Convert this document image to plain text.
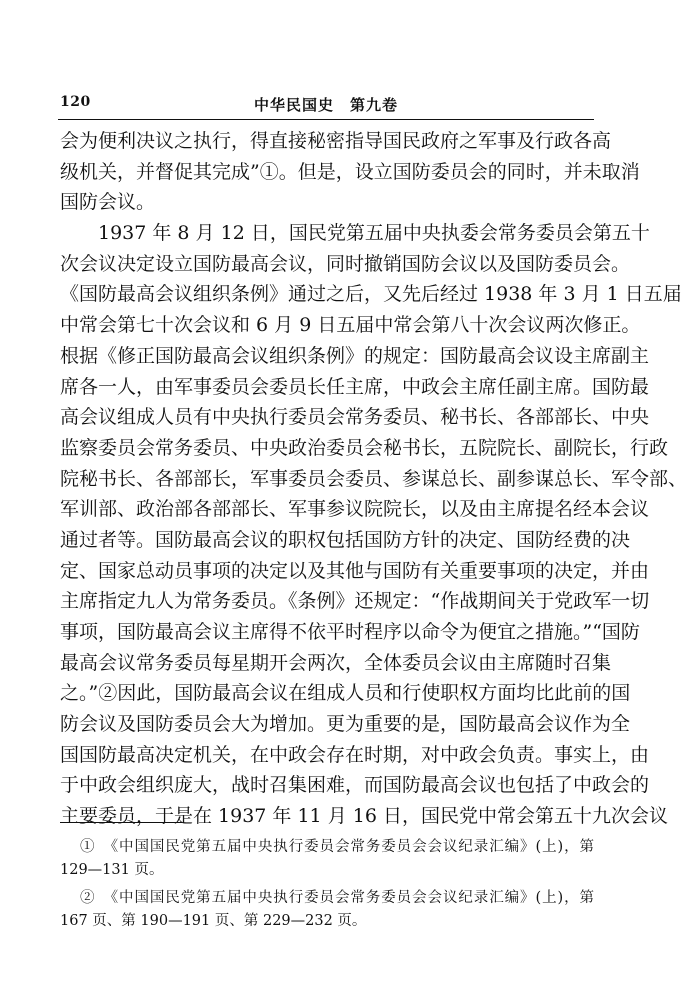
120	中华民国史　第九卷
会为便利决议之执行，得直接秘密指导国民政府之军事及行政各高
级机关，并督促其完成”①。但是，设立国防委员会的同时，并未取消
国防会议。
1937 年 8 月 12 日，国民党第五届中央执委会常务委员会第五十
次会议决定设立国防最高会议，同时撤销国防会议以及国防委员会。
《国防最高会议组织条例》通过之后，又先后经过 1938 年 3 月 1 日五届
中常会第七十次会议和 6 月 9 日五届中常会第八十次会议两次修正。
根据《修正国防最高会议组织条例》的规定：国防最高会议设主席副主
席各一人，由军事委员会委员长任主席，中政会主席任副主席。国防最
高会议组成人员有中央执行委员会常务委员、秘书长、各部部长、中央
监察委员会常务委员、中央政治委员会秘书长，五院院长、副院长，行政
院秘书长、各部部长，军事委员会委员、参谋总长、副参谋总长、军令部、
军训部、政治部各部部长、军事参议院院长，以及由主席提名经本会议
通过者等。国防最高会议的职权包括国防方针的决定、国防经费的决
定、国家总动员事项的决定以及其他与国防有关重要事项的决定，并由
主席指定九人为常务委员。《条例》还规定：“作战期间关于党政军一切
事项，国防最高会议主席得不依平时程序以命令为便宜之措施。”“国防
最高会议常务委员每星期开会两次，全体委员会议由主席随时召集
之。”②因此，国防最高会议在组成人员和行使职权方面均比此前的国
防会议及国防委员会大为增加。更为重要的是，国防最高会议作为全
国国防最高决定机关，在中政会存在时期，对中政会负责。事实上，由
于中政会组织庞大，战时召集困难，而国防最高会议也包括了中政会的
主要委员，于是在 1937 年 11 月 16 日，国民党中常会第五十九次会议
①　《中国国民党第五届中央执行委员会常务委员会会议纪录汇编》(上)，第
129—131 页。
②　《中国国民党第五届中央执行委员会常务委员会会议纪录汇编》(上)，第
167 页、第 190—191 页、第 229—232 页。
